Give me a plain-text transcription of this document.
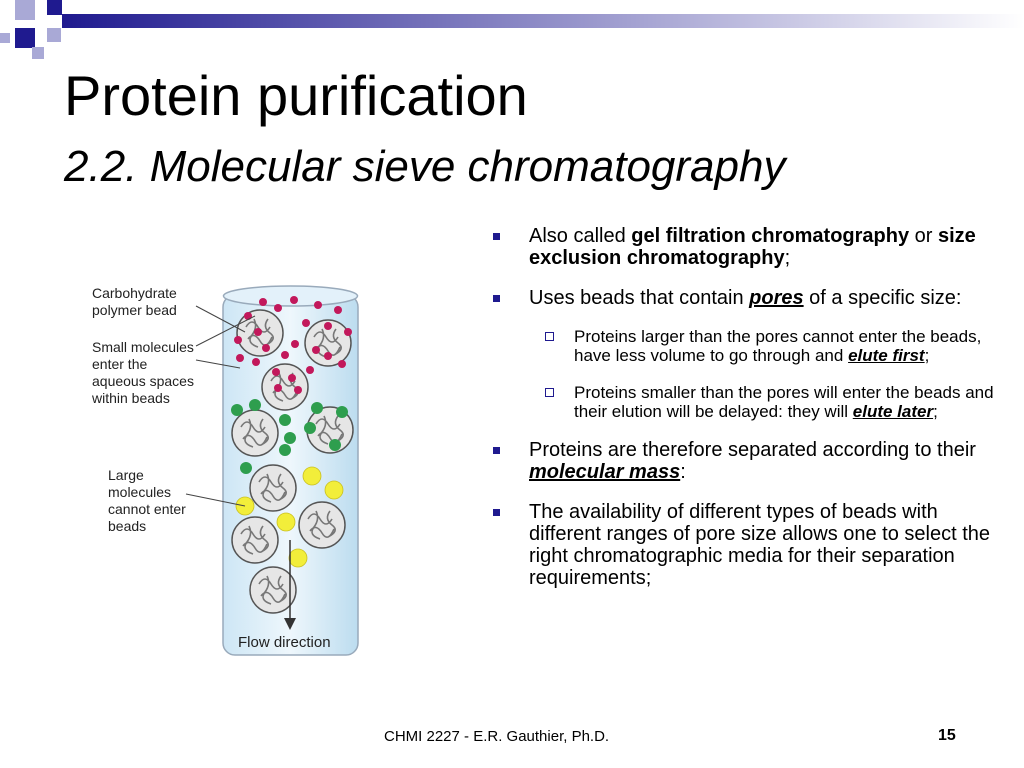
Protein purification
2.2. Molecular sieve chromatography
Carbohydrate
polymer bead
Small molecules
enter the
aqueous spaces
within beads
Large
molecules
cannot enter
beads
Flow direction
Also called gel filtration chromatography or size exclusion chromatography;
Uses beads that contain pores of a specific size:
Proteins larger than the pores cannot enter the beads, have less volume to go through and elute first;
Proteins smaller than the pores will enter the beads and their elution will be delayed: they will elute later;
Proteins are therefore separated according to their molecular mass:
The availability of different types of beads with different ranges of pore size allows one to select the right chromatographic media for their separation requirements;
CHMI 2227 - E.R. Gauthier, Ph.D.	15
